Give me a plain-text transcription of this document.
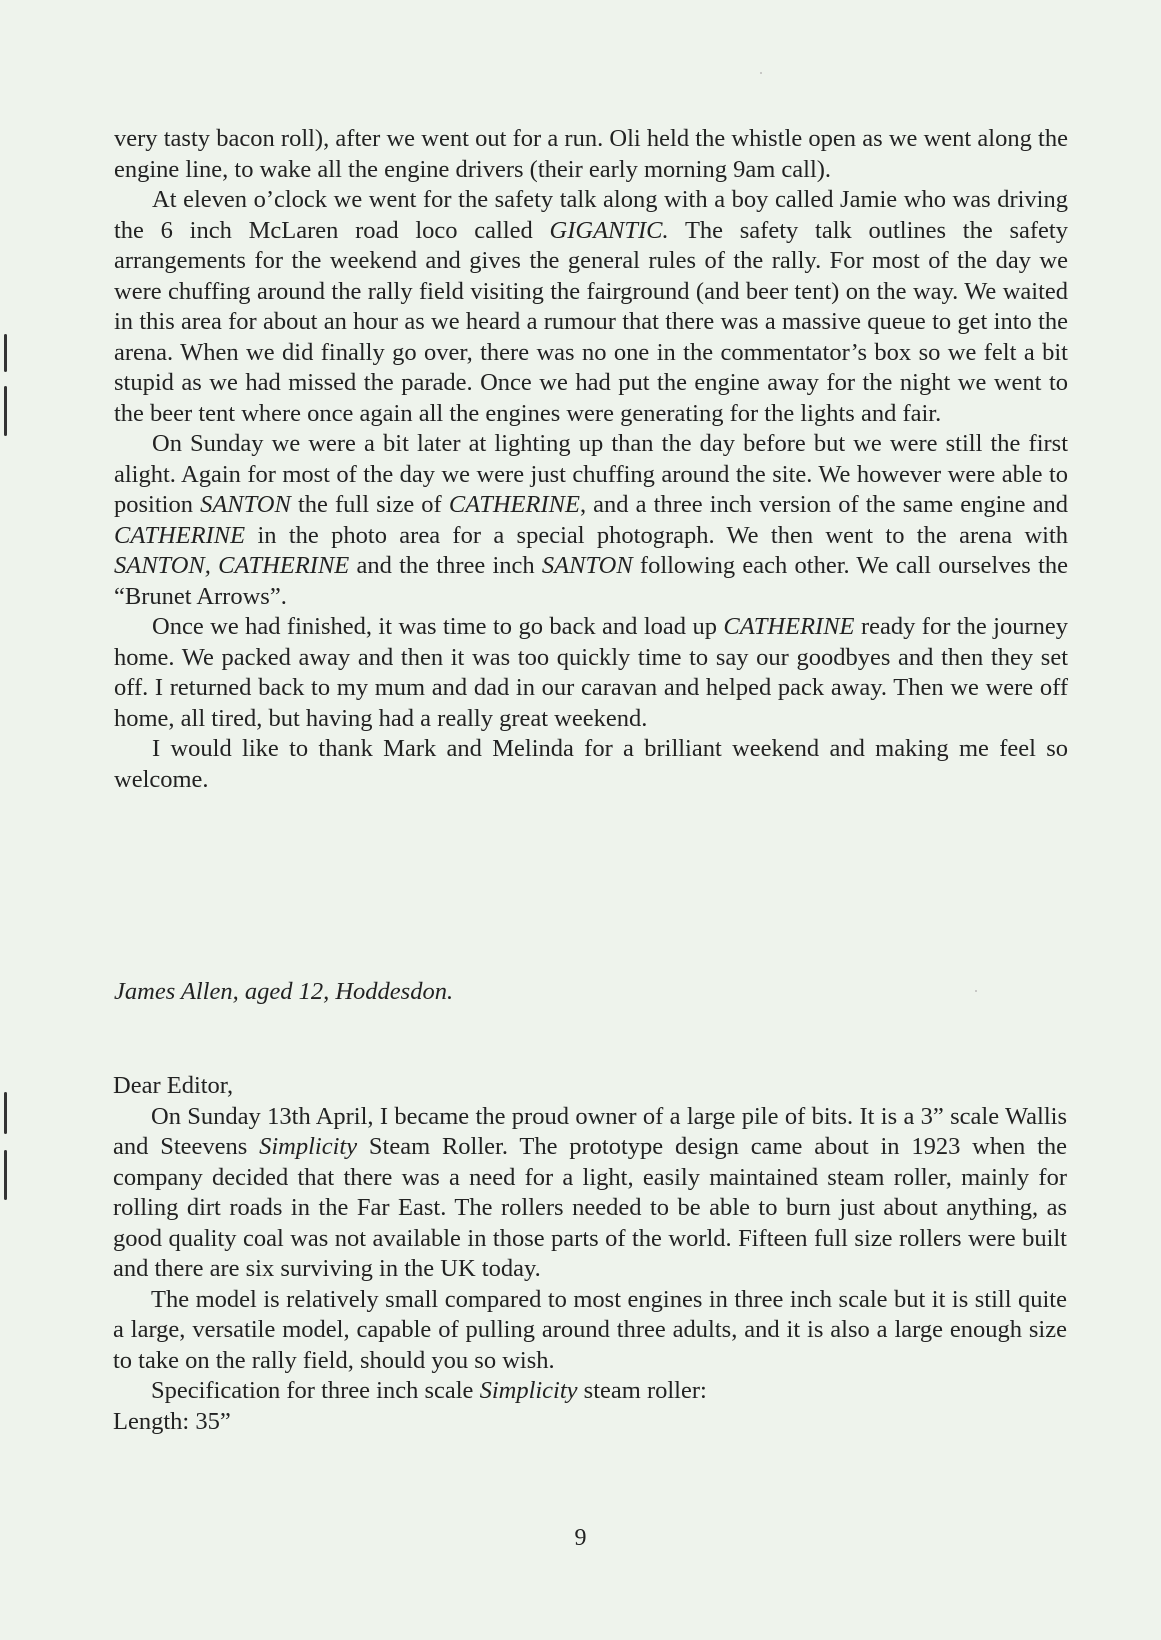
very tasty bacon roll), after we went out for a run. Oli held the whistle open as we went along the engine line, to wake all the engine drivers (their early morning 9am call).

At eleven o’clock we went for the safety talk along with a boy called Jamie who was driving the 6 inch McLaren road loco called GIGANTIC. The safety talk outlines the safety arrangements for the weekend and gives the general rules of the rally. For most of the day we were chuffing around the rally field visiting the fairground (and beer tent) on the way. We waited in this area for about an hour as we heard a rumour that there was a massive queue to get into the arena. When we did finally go over, there was no one in the commentator’s box so we felt a bit stupid as we had missed the parade. Once we had put the engine away for the night we went to the beer tent where once again all the engines were generating for the lights and fair.

On Sunday we were a bit later at lighting up than the day before but we were still the first alight. Again for most of the day we were just chuffing around the site. We however were able to position SANTON the full size of CATHERINE, and a three inch version of the same engine and CATHERINE in the photo area for a special photograph. We then went to the arena with SANTON, CATHERINE and the three inch SANTON following each other. We call ourselves the “Brunet Arrows”.

Once we had finished, it was time to go back and load up CATHERINE ready for the journey home. We packed away and then it was too quickly time to say our goodbyes and then they set off. I returned back to my mum and dad in our caravan and helped pack away. Then we were off home, all tired, but having had a really great weekend.

I would like to thank Mark and Melinda for a brilliant weekend and making me feel so welcome.

James Allen, aged 12, Hoddesdon.

Dear Editor,

On Sunday 13th April, I became the proud owner of a large pile of bits. It is a 3” scale Wallis and Steevens Simplicity Steam Roller. The prototype design came about in 1923 when the company decided that there was a need for a light, easily maintained steam roller, mainly for rolling dirt roads in the Far East. The rollers needed to be able to burn just about anything, as good quality coal was not available in those parts of the world. Fifteen full size rollers were built and there are six surviving in the UK today.

The model is relatively small compared to most engines in three inch scale but it is still quite a large, versatile model, capable of pulling around three adults, and it is also a large enough size to take on the rally field, should you so wish.

Specification for three inch scale Simplicity steam roller:

Length: 35”

9
